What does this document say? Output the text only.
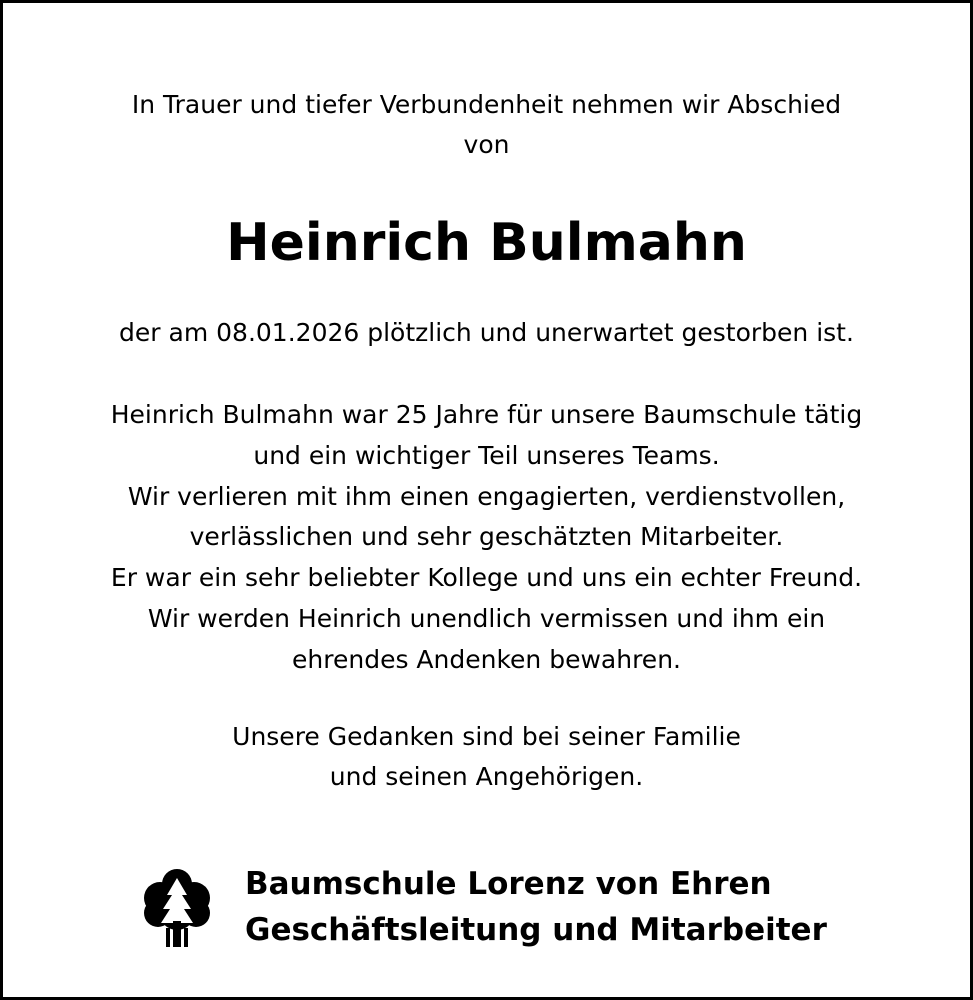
In Trauer und tiefer Verbundenheit nehmen wir Abschied
von
Heinrich Bulmahn
der am 08.01.2026 plötzlich und unerwartet gestorben ist.
Heinrich Bulmahn war 25 Jahre für unsere Baumschule tätig
und ein wichtiger Teil unseres Teams.
Wir verlieren mit ihm einen engagierten, verdienstvollen,
verlässlichen und sehr geschätzten Mitarbeiter.
Er war ein sehr beliebter Kollege und uns ein echter Freund.
Wir werden Heinrich unendlich vermissen und ihm ein
ehrendes Andenken bewahren.
Unsere Gedanken sind bei seiner Familie
und seinen Angehörigen.
Baumschule Lorenz von Ehren
Geschäftsleitung und Mitarbeiter
